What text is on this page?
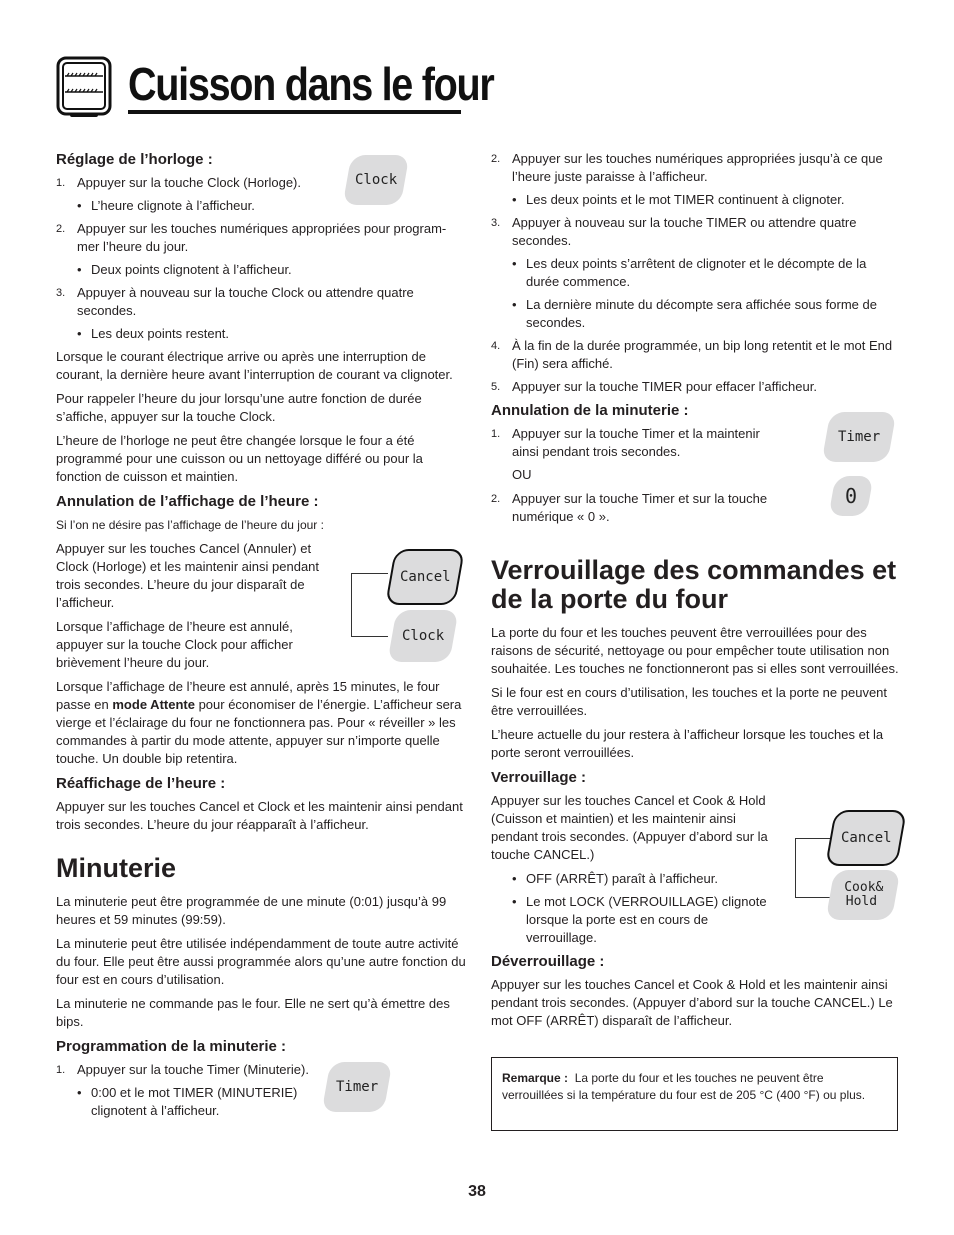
Cuisson dans le four
Réglage de l’horloge :
1. Appuyer sur la touche Clock (Horloge).
• L’heure clignote à l’afficheur.
2. Appuyer sur les touches numériques appropriées pour program-mer l’heure du jour.
• Deux points clignotent à l’afficheur.
3. Appuyer à nouveau sur la touche Clock ou attendre quatre secondes.
• Les deux points restent.

Lorsque le courant électrique arrive ou après une interruption de courant, la dernière heure avant l’interruption de courant va clignoter.

Pour rappeler l’heure du jour lorsqu’une autre fonction de durée s’affiche, appuyer sur la touche Clock.

L’heure de l’horloge ne peut être changée lorsque le four a été programmé pour une cuisson ou un nettoyage différé ou pour la fonction de cuisson et maintien.

Annulation de l’affichage de l’heure :

Si l’on ne désire pas l’affichage de l’heure du jour :

Appuyer sur les touches Cancel (Annuler) et Clock (Horloge) et les maintenir ainsi pendant trois secondes. L’heure du jour disparaît de l’afficheur.

Lorsque l’affichage de l’heure est annulé, appuyer sur la touche Clock pour afficher brièvement l’heure du jour.

Lorsque l’affichage de l’heure est annulé, après 15 minutes, le four passe en mode Attente pour économiser de l’énergie. L’afficheur sera vierge et l’éclairage du four ne fonctionnera pas. Pour « réveiller » les commandes à partir du mode attente, appuyer sur n’importe quelle touche. Un double bip retentira.

Réaffichage de l’heure :

Appuyer sur les touches Cancel et Clock et les maintenir ainsi pendant trois secondes. L’heure du jour réapparaît à l’afficheur.

Minuterie

La minuterie peut être programmée de une minute (0:01) jusqu’à 99 heures et 59 minutes (99:59).

La minuterie peut être utilisée indépendamment de toute autre activité du four. Elle peut être aussi programmée alors qu’une autre fonction du four est en cours d’utilisation.

La minuterie ne commande pas le four. Elle ne sert qu’à émettre des bips.

Programmation de la minuterie :
1. Appuyer sur la touche Timer (Minuterie).
• 0:00 et le mot TIMER (MINUTERIE) clignotent à l’afficheur.
Clock
Cancel
Clock
Timer
2. Appuyer sur les touches numériques appropriées jusqu’à ce que l’heure juste paraisse à l’afficheur.
• Les deux points et le mot TIMER continuent à clignoter.
3. Appuyer à nouveau sur la touche TIMER ou attendre quatre secondes.
• Les deux points s’arrêtent de clignoter et le décompte de la durée commence.
• La dernière minute du décompte sera affichée sous forme de secondes.
4. À la fin de la durée programmée, un bip long retentit et le mot End (Fin) sera affiché.
5. Appuyer sur la touche TIMER pour effacer l’afficheur.
Annulation de la minuterie :
1. Appuyer sur la touche Timer et la maintenir ainsi pendant trois secondes.

OU

2. Appuyer sur la touche Timer et sur la touche numérique « 0 ».
Verrouillage des commandes et de la porte du four

La porte du four et les touches peuvent être verrouillées pour des raisons de sécurité, nettoyage ou pour empêcher toute utilisation non souhaitée. Les touches ne fonctionneront pas si elles sont verrouillées.

Si le four est en cours d’utilisation, les touches et la porte ne peuvent être verrouillées.

L’heure actuelle du jour restera à l’afficheur lorsque les touches et la porte seront verrouillées.

Verrouillage :

Appuyer sur les touches Cancel et Cook & Hold (Cuisson et maintien) et les maintenir ainsi pendant trois secondes. (Appuyer d’abord sur la touche CANCEL.)

• OFF (ARRÊT) paraît à l’afficheur.
• Le mot LOCK (VERROUILLAGE) clignote lorsque la porte est en cours de verrouillage.
Déverrouillage :

Appuyer sur les touches Cancel et Cook & Hold et les maintenir ainsi pendant trois secondes. (Appuyer d’abord sur la touche CANCEL.) Le mot OFF (ARRÊT) disparaît de l’afficheur.

Timer
0
Cancel
Cook&
Hold

Remarque : La porte du four et les touches ne peuvent être verrouillées si la température du four est de 205 °C (400 °F) ou plus.

38
